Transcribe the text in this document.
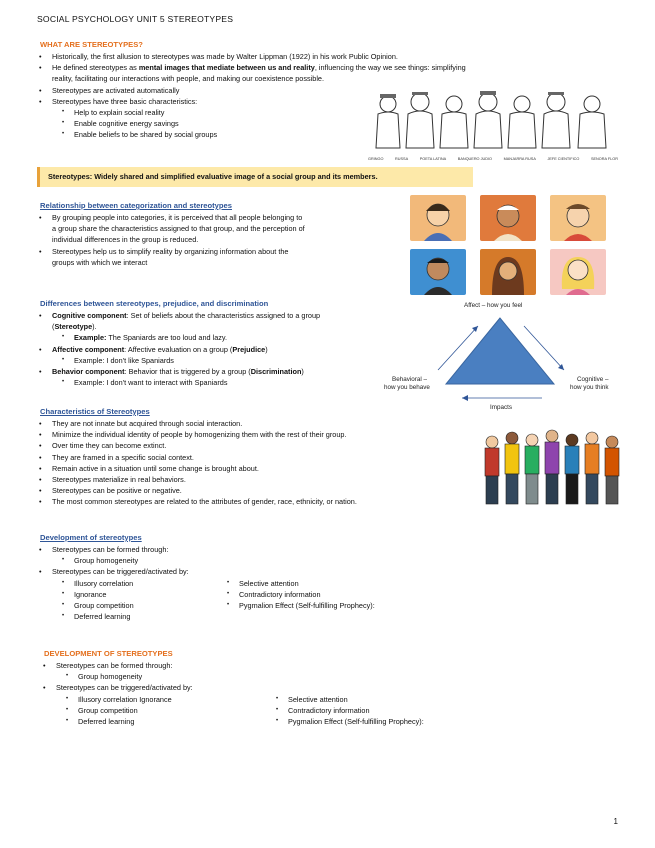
SOCIAL PSYCHOLOGY UNIT 5 STEREOTYPES
WHAT ARE STEREOTYPES?
• Historically, the first allusion to stereotypes was made by Walter Lippman (1922) in his work Public Opinion.
• He defined stereotypes as mental images that mediate between us and reality, influencing the way we see things: simplifying
reality, facilitating our interactions with people, and making our coexistence possible.
• Stereotypes are activated automatically
• Stereotypes have three basic characteristics:
• Help to explain social reality
• Enable cognitive energy savings
• Enable beliefs to be shared by social groups
GRINGO	RUSSA	POETA LATINA	BANQUERO JUDIO	MANJARRA RUSA	JEFE CIENTIFICO	SENORA FLOR
Stereotypes: Widely shared and simplified evaluative image of a social group and its members.
Relationship between categorization and stereotypes
• By grouping people into categories, it is perceived that all people belonging to
a group share the characteristics assigned to that group, and the perception of
individual differences in the group is reduced.
• Stereotypes help us to simplify reality by organizing information about the
groups with which we interact
Differences between stereotypes, prejudice, and discrimination
• Cognitive component: Set of beliefs about the characteristics assigned to a group
(Stereotype).
• Example: The Spaniards are too loud and lazy.
• Affective component: Affective evaluation on a group (Prejudice)
• Example: I don't like Spaniards
• Behavior component: Behavior that is triggered by a group (Discrimination)
• Example: I don't want to interact with Spaniards
Affect – how you feel
Behavioral –
how you behave
Cognitive –
how you think
Impacts
Characteristics of Stereotypes
• They are not innate but acquired through social interaction.
• Minimize the individual identity of people by homogenizing them with the rest of their group.
• Over time they can become extinct.
• They are framed in a specific social context.
• Remain active in a situation until some change is brought about.
• Stereotypes materialize in real behaviors.
• Stereotypes can be positive or negative.
• The most common stereotypes are related to the attributes of gender, race, ethnicity, or nation.
Development of stereotypes
• Stereotypes can be formed through:
• Group homogeneity
• Stereotypes can be triggered/activated by:
• Illusory correlation
• Ignorance
• Group competition
• Deferred learning
• Selective attention
• Contradictory information
• Pygmalion Effect (Self-fulfilling Prophecy):
DEVELOPMENT OF STEREOTYPES
• Stereotypes can be formed through:
• Group homogeneity
• Stereotypes can be triggered/activated by:
• Illusory correlation Ignorance
• Group competition
• Deferred learning
• Selective attention
• Contradictory information
• Pygmalion Effect (Self-fulfilling Prophecy):
1
